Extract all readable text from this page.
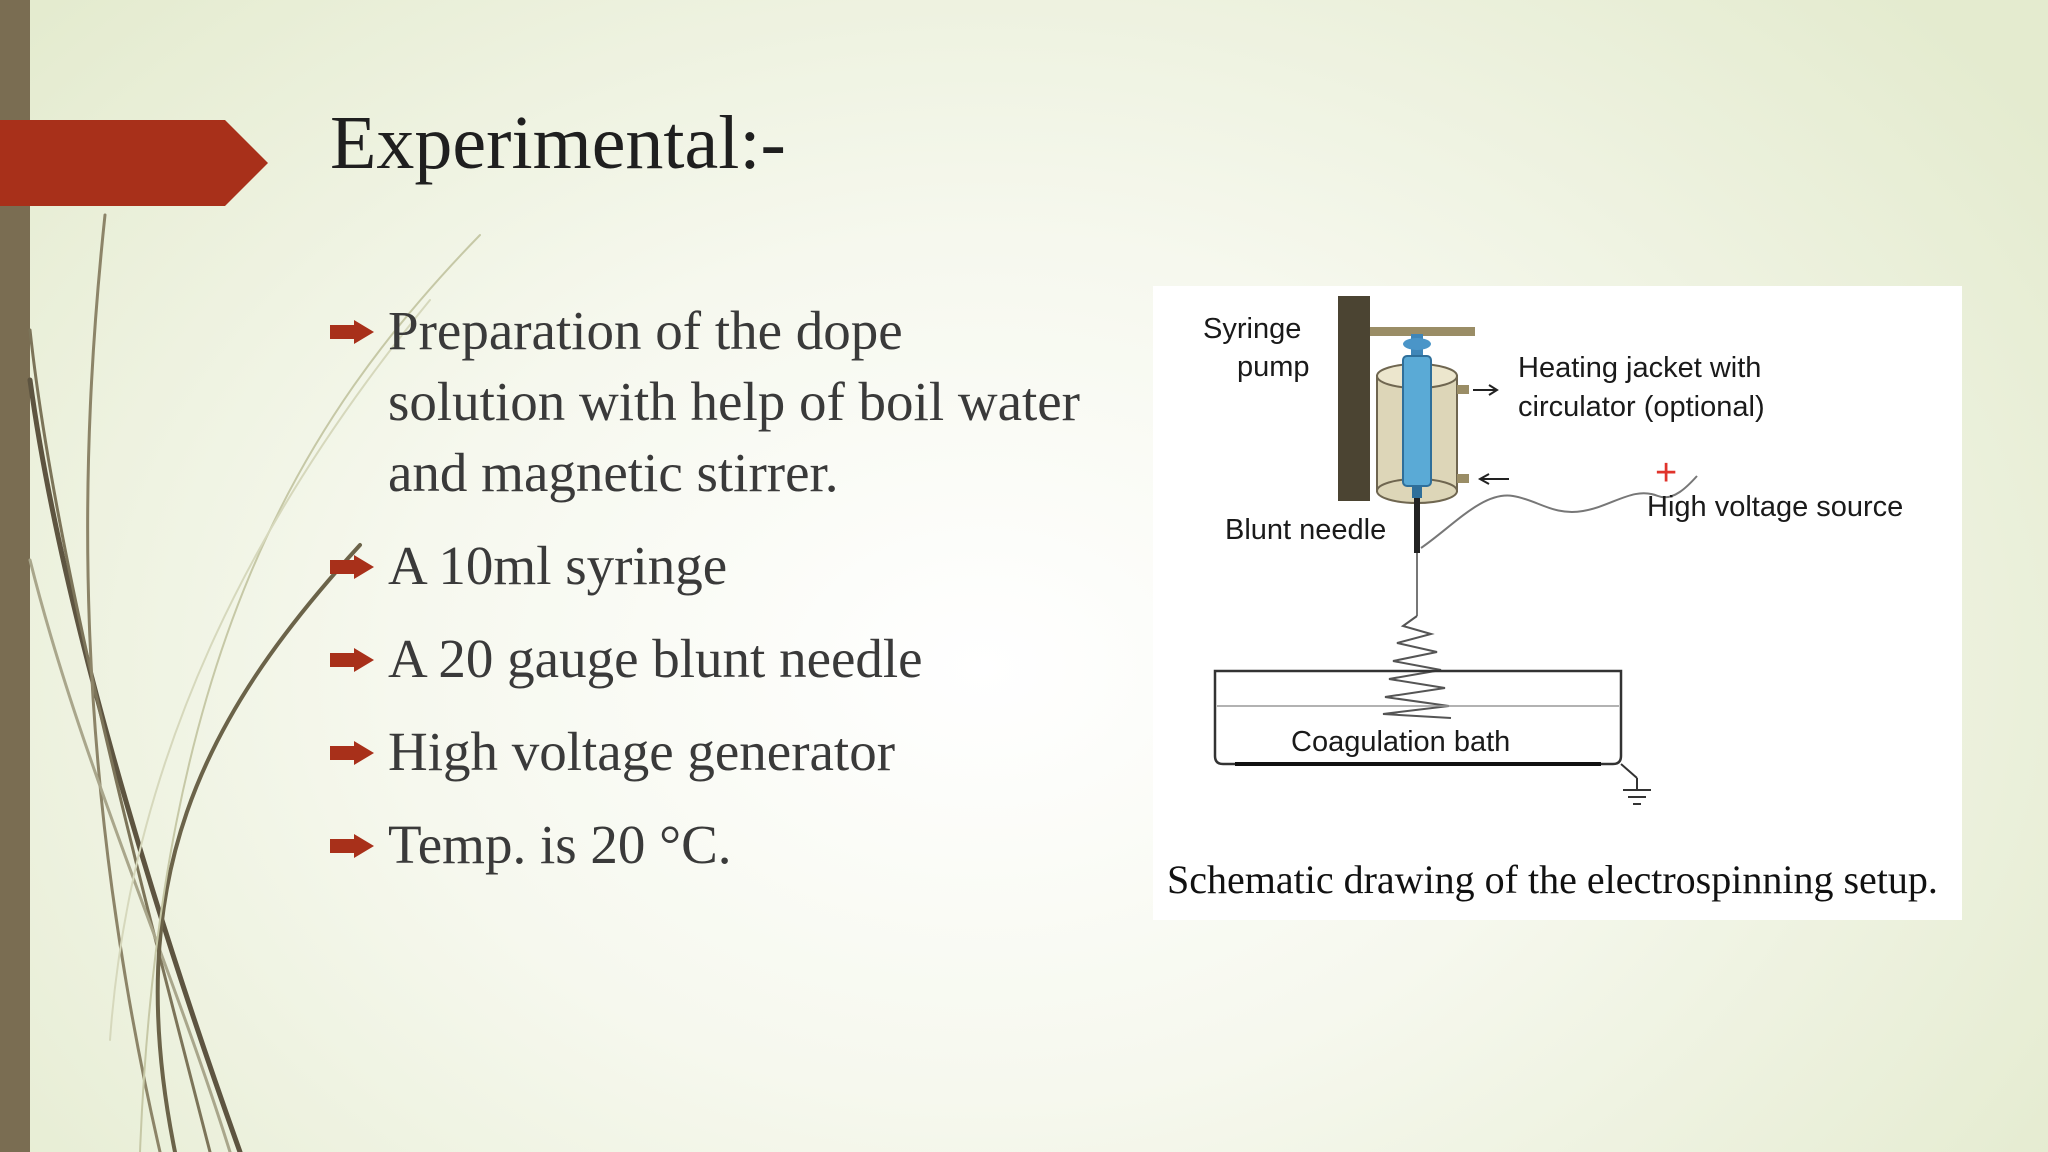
Experimental:-
Preparation of the dope solution with help of boil water and magnetic stirrer.
A 10ml syringe
A 20 gauge blunt needle
High voltage generator
Temp. is 20 °C.
Syringe
pump	Heating jacket with
circulator (optional)
+
High voltage source
Blunt needle
Coagulation bath
Schematic drawing of the electrospinning setup.
